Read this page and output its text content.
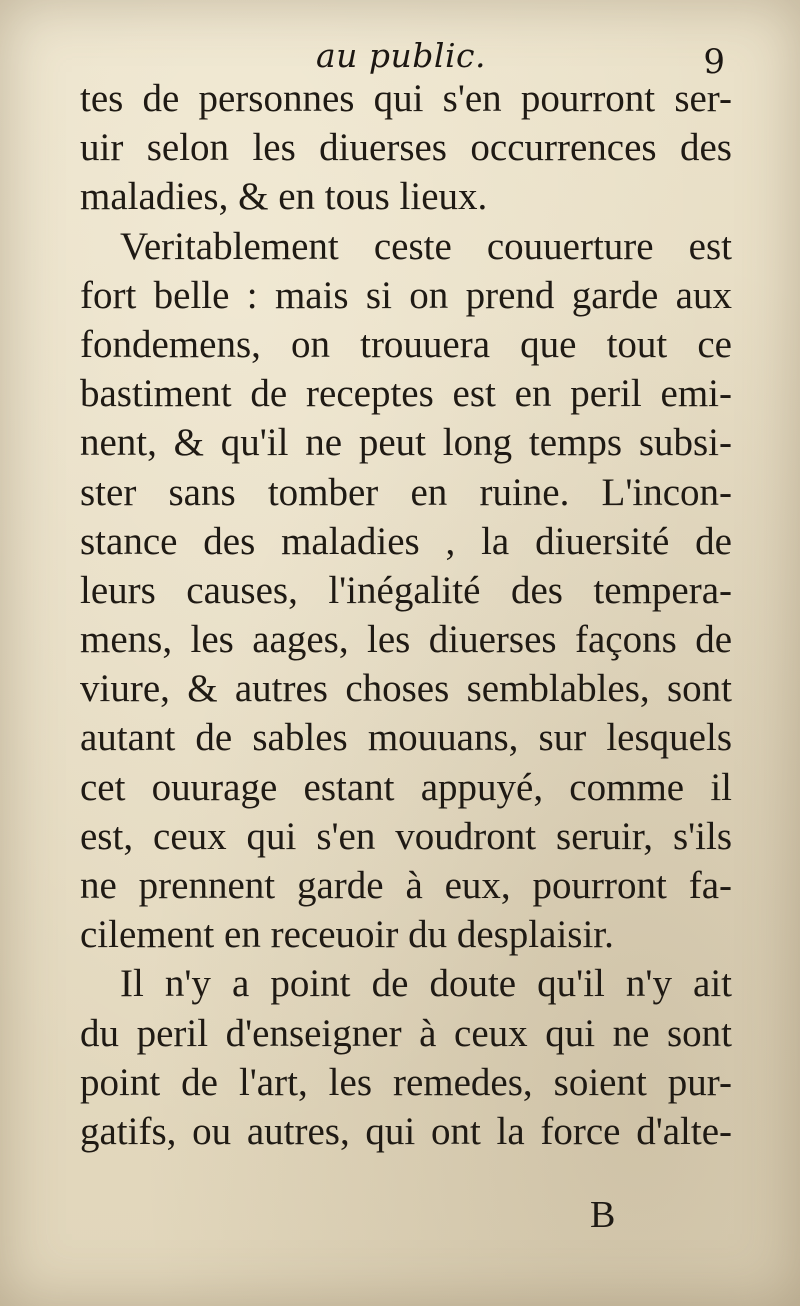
au public.	9
tes de personnes qui s'en pourront ser-
uir selon les diuerses occurrences des
maladies, & en tous lieux.
Veritablement ceste couuerture est
fort belle : mais si on prend garde aux
fondemens, on trouuera que tout ce
bastiment de receptes est en peril emi-
nent, & qu'il ne peut long temps subsi-
ster sans tomber en ruine. L'incon-
stance des maladies , la diuersité de
leurs causes, l'inégalité des tempera-
mens, les aages, les diuerses façons de
viure, & autres choses semblables, sont
autant de sables mouuans, sur lesquels
cet ouurage estant appuyé, comme il
est, ceux qui s'en voudront seruir, s'ils
ne prennent garde à eux, pourront fa-
cilement en receuoir du desplaisir.
Il n'y a point de doute qu'il n'y ait
du peril d'enseigner à ceux qui ne sont
point de l'art, les remedes, soient pur-
gatifs, ou autres, qui ont la force d'alte-
B
